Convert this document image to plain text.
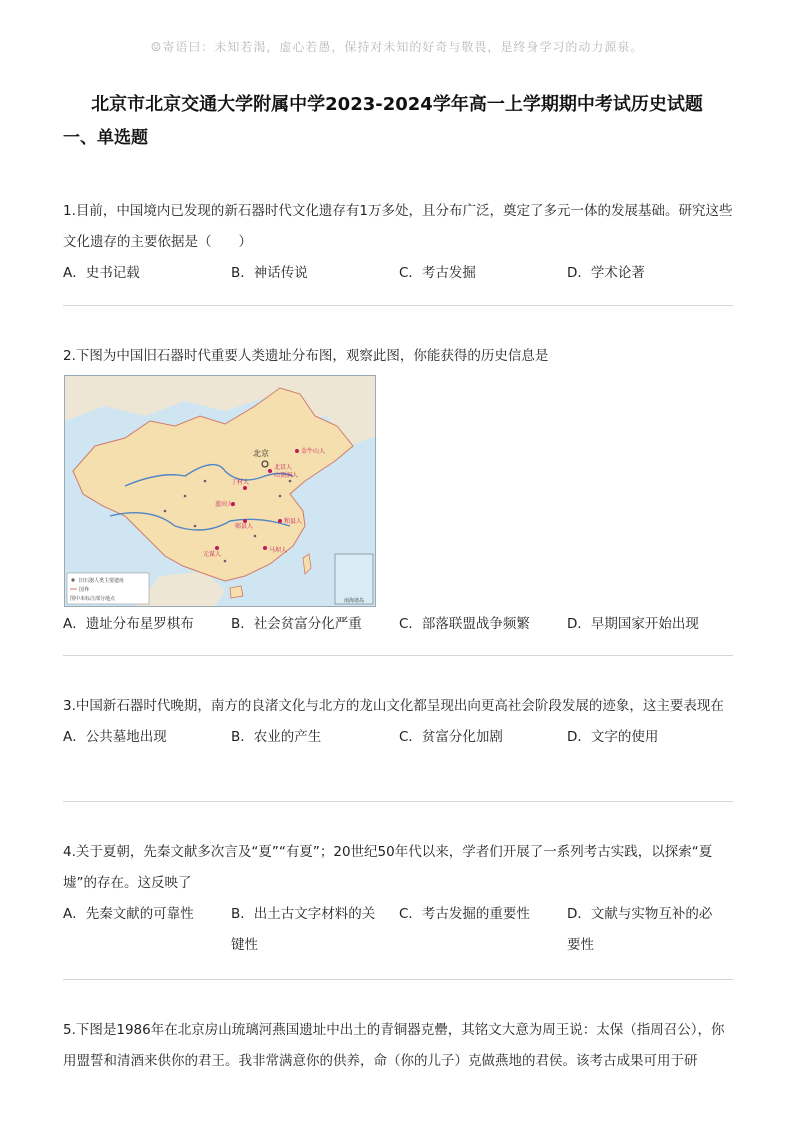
☺寄语曰：未知若渴，虚心若愚，保持对未知的好奇与敬畏，是终身学习的动力源泉。
北京市北京交通大学附属中学2023-2024学年高一上学期期中考试历史试题
一、单选题

1.目前，中国境内已发现的新石器时代文化遗存有1万多处，且分布广泛，奠定了多元一体的发展基础。研究这些文化遗存的主要依据是（　　）

A．史书记载	B．神话传说	C．考古发掘	D．学术论著

2.下图为中国旧石器时代重要人类遗址分布图，观察此图，你能获得的历史信息是

南海诸岛
北京	金牛山人
北京人
山顶洞人
丁村人
蓝田人
元谋人
马坝人
和县人
郧县人
旧石器人类主要遗址
国界
图中未标注部分地点
A．遗址分布星罗棋布	B．社会贫富分化严重	C．部落联盟战争频繁	D．早期国家开始出现

3.中国新石器时代晚期，南方的良渚文化与北方的龙山文化都呈现出向更高社会阶段发展的迹象，这主要表现在

A．公共墓地出现	B．农业的产生	C．贫富分化加剧	D．文字的使用

4.关于夏朝，先秦文献多次言及“夏”“有夏”；20世纪50年代以来，学者们开展了一系列考古实践，以探索“夏墟”的存在。这反映了

A．先秦文献的可靠性	B．出土古文字材料的关键性
C．考古发掘的重要性	D．文献与实物互补的必要性

5.下图是1986年在北京房山琉璃河燕国遗址中出土的青铜器克罍，其铭文大意为周王说：太保（指周召公），你用盟誓和清酒来供你的君王。我非常满意你的供养，命（你的儿子）克做燕地的君侯。该考古成果可用于研
